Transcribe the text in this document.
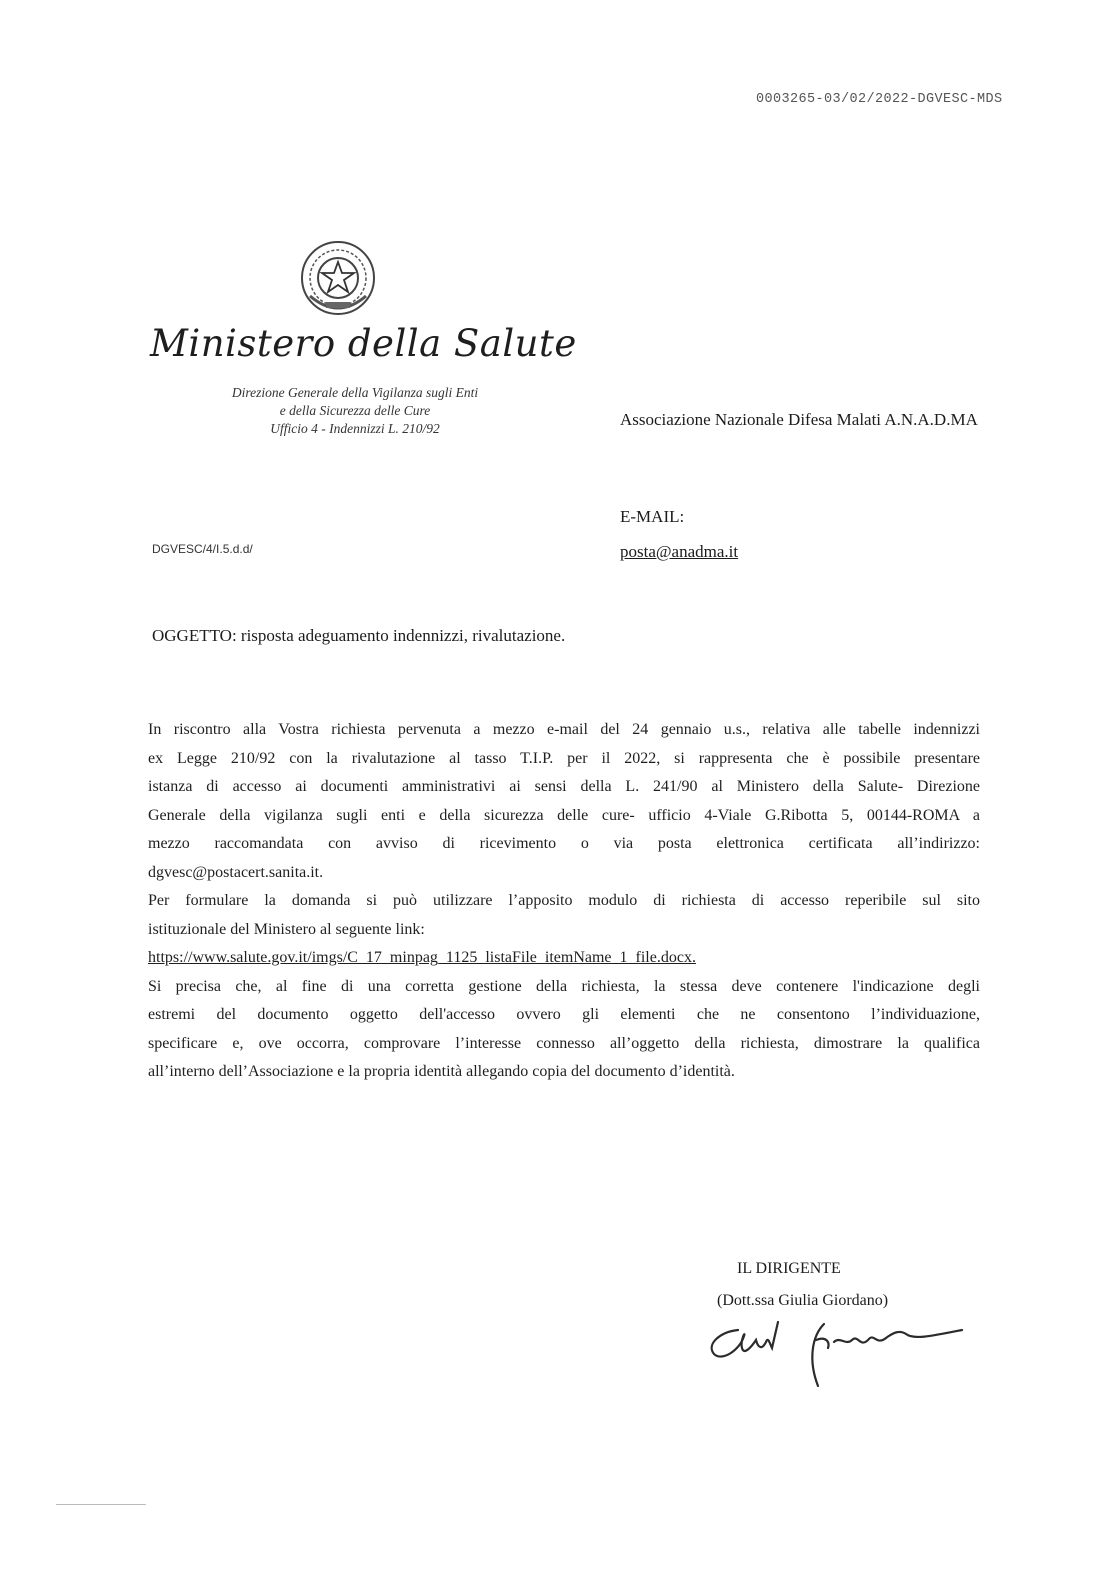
0003265-03/02/2022-DGVESC-MDS
Ministero della Salute
Direzione Generale della Vigilanza sugli Enti
e della Sicurezza delle Cure
Ufficio 4 - Indennizzi L. 210/92	Associazione Nazionale Difesa Malati A.N.A.D.MA
E-MAIL:
posta@anadma.it
DGVESC/4/I.5.d.d/
OGGETTO: risposta adeguamento indennizzi, rivalutazione.
In riscontro alla Vostra richiesta pervenuta a mezzo e-mail del 24 gennaio u.s., relativa alle tabelle indennizzi
ex Legge 210/92 con la rivalutazione al tasso T.I.P. per il 2022, si rappresenta che è possibile presentare
istanza di accesso ai documenti amministrativi ai sensi della L. 241/90 al Ministero della Salute- Direzione
Generale della vigilanza sugli enti e della sicurezza delle cure- ufficio 4-Viale G.Ribotta 5, 00144-ROMA a
mezzo raccomandata con avviso di ricevimento o via posta elettronica certificata all’indirizzo:
dgvesc@postacert.sanita.it.
Per formulare la domanda si può utilizzare l’apposito modulo di richiesta di accesso reperibile sul sito
istituzionale del Ministero al seguente link:
https://www.salute.gov.it/imgs/C_17_minpag_1125_listaFile_itemName_1_file.docx.
Si precisa che, al fine di una corretta gestione della richiesta, la stessa deve contenere l'indicazione degli
estremi del documento oggetto dell'accesso ovvero gli elementi che ne consentono l’individuazione,
specificare e, ove occorra, comprovare l’interesse connesso all’oggetto della richiesta, dimostrare la qualifica
all’interno dell’Associazione e la propria identità allegando copia del documento d’identità.
IL DIRIGENTE
(Dott.ssa Giulia Giordano)
